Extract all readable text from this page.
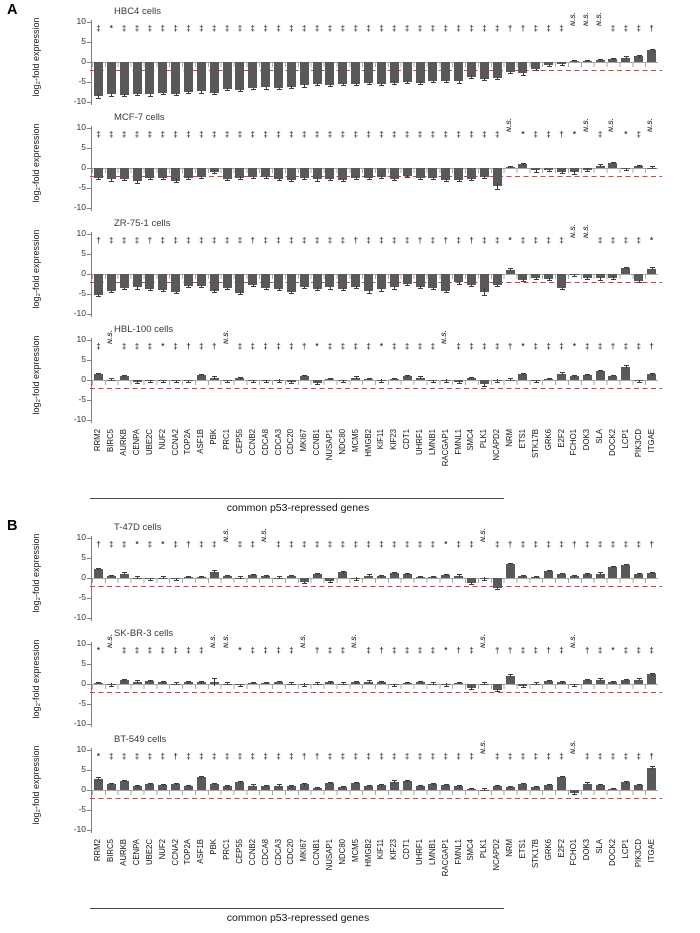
A	HBC4 cells
log₂-fold expression	10
5
0
-5
-10
‡ * ‡ ‡ ‡ ‡ ‡ ‡ ‡ ‡ ‡ ‡ ‡ ‡ ‡ ‡ ‡ ‡ ‡ ‡ ‡ ‡ ‡ ‡ ‡ ‡ ‡ ‡ ‡ ‡ ‡ ‡ † † ‡ ‡ ‡
N.S. N.S. N.S.
‡ ‡ ‡ †
MCF-7 cells
log₂-fold expression	10
5
0
-5
-10
‡ ‡ ‡ ‡ ‡ ‡ ‡ ‡ ‡ ‡ ‡ ‡ ‡ ‡ ‡ ‡ ‡ ‡ ‡ ‡ ‡ ‡ ‡ ‡ ‡ ‡ ‡ ‡ ‡ ‡ ‡ ‡
N.S.
* ‡ ‡ † *
N.S.
‡
N.S.
* ‡
N.S.
ZR-75-1 cells
log₂-fold expression	10
5
0
-5
-10
† ‡ ‡ ‡ † ‡ ‡ ‡ ‡ ‡ ‡ ‡ † ‡ ‡ ‡ ‡ ‡ ‡ ‡ † ‡ ‡ ‡ ‡ † ‡ † ‡ † ‡ ‡ * ‡ ‡ ‡ ‡
N.S. N.S.
‡ ‡ ‡ ‡ *
HBL-100 cells
log₂-fold expression	10
5
0
-5
-10
‡
N.S.
‡ ‡ ‡ * ‡ † ‡ †
N.S.
‡ ‡ ‡ ‡ ‡ † * ‡ ‡ ‡ ‡ * ‡ ‡ ‡ ‡
N.S.
‡ ‡ ‡ ‡ † * ‡ ‡ ‡ * ‡ ‡ † ‡ ‡ †
common p53-repressed genes
RRM2 BIRC5 AURKB CENPA UBE2C NUF2 CCNA2 TOP2A ASF1B PBK PRC1 CEP55 CCNB2 CDCA8 CDCA3 CDC20 MKI67 CCNB1 NUSAP1 NDC80 MCM5 HMGB2 KIF11 KIF23 CDT1 UHRF1 LMNB1 RACGAP1 FMNL1 SMC4 PLK1 NCAPD2 NRM ETS1 STK17B GRK6 E2F2 FCHO1 DOK3 SLA DOCK2 LCP1 PIK3CD ITGAE
B	T-47D cells
log₂-fold expression	10
5
0
-5
-10
† ‡ ‡ * ‡ * ‡ † ‡ ‡
N.S.
‡ ‡
N.S.
‡ ‡ ‡ ‡ ‡ ‡ ‡ ‡ ‡ ‡ ‡ ‡ ‡ * ‡ ‡
N.S.
‡ † ‡ ‡ ‡ ‡ † ‡ ‡ ‡ ‡ ‡ †
SK-BR-3 cells
log₂-fold expression	10
5
0
-5
-10
*
N.S.
‡ ‡ ‡ ‡ ‡ ‡ ‡
N.S. N.S.
* ‡ ‡ ‡ ‡
N.S.
† ‡ ‡
N.S.
‡ † ‡ ‡ ‡ ‡ * † ‡
N.S.
† † ‡ ‡ † ‡
N.S.
† ‡ * ‡ ‡ ‡
BT-549 cells
log₂-fold expression	10
5
0
-5
-10
* ‡ ‡ ‡ ‡ ‡ † ‡ ‡ ‡ ‡ ‡ ‡ ‡ ‡ ‡ † † ‡ ‡ ‡ ‡ ‡ ‡ ‡ ‡ ‡ ‡ ‡ ‡
N.S.
‡ ‡ ‡ ‡ ‡ ‡
N.S.
‡ ‡ ‡ ‡ ‡ †
common p53-repressed genes
RRM2 BIRC5 AURKB CENPA UBE2C NUF2 CCNA2 TOP2A ASF1B PBK PRC1 CEP55 CCNB2 CDCA8 CDCA3 CDC20 MKI67 CCNB1 NUSAP1 NDC80 MCM5 HMGB2 KIF11 KIF23 CDT1 UHRF1 LMNB1 RACGAP1 FMNL1 SMC4 PLK1 NCAPD2 NRM ETS1 STK17B GRK6 E2F2 FCHO1 DOK3 SLA DOCK2 LCP1 PIK3CD ITGAE
